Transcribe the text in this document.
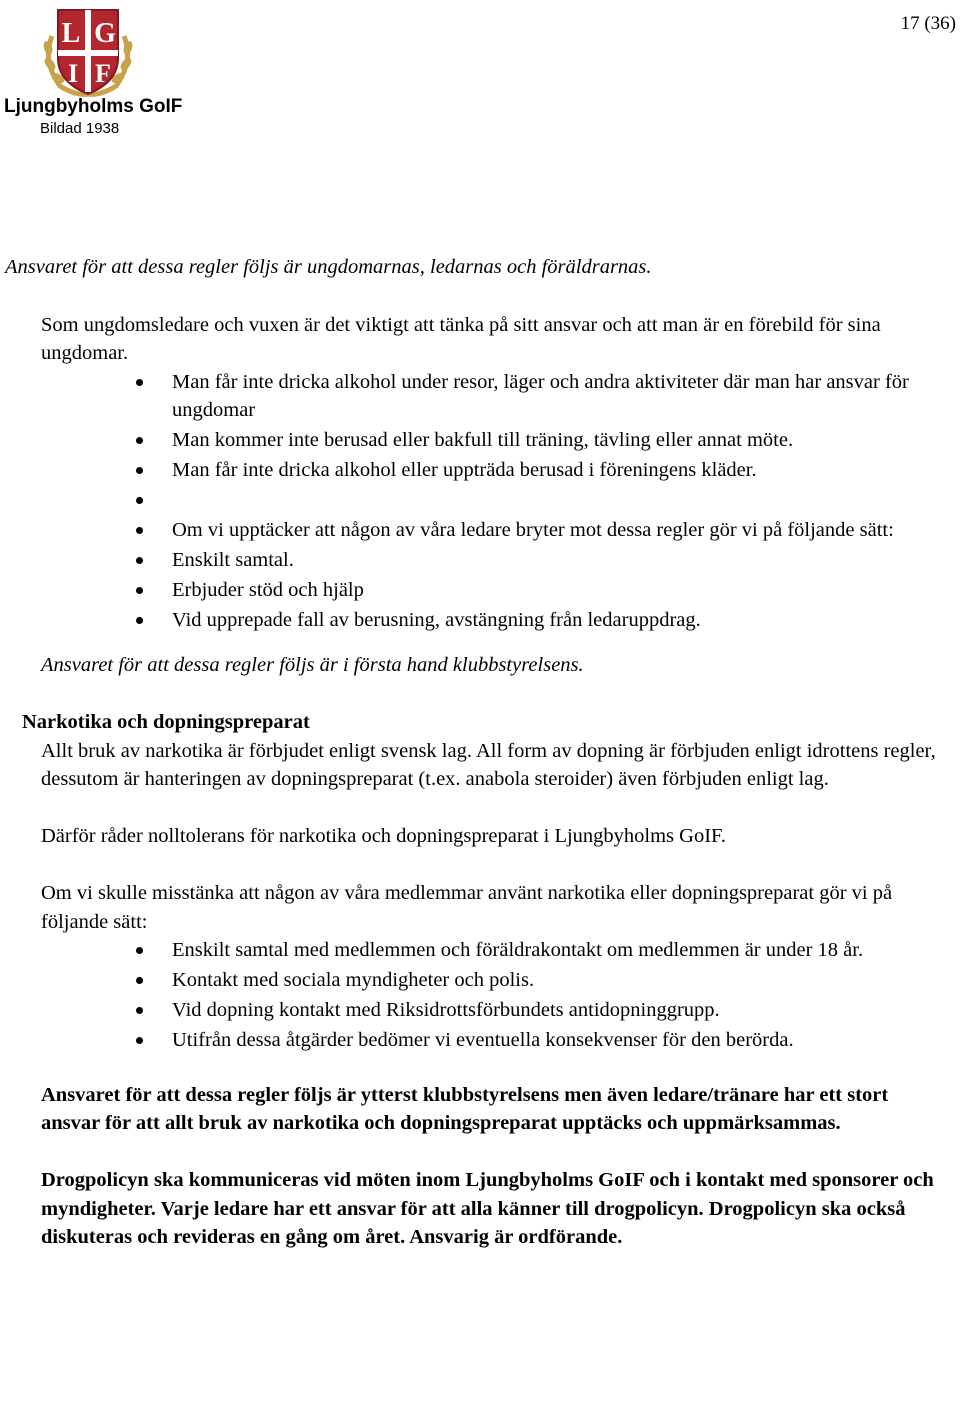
17 (36)
L G
I F
Ljungbyholms GoIF
Bildad 1938

Ansvaret för att dessa regler följs är ungdomarnas, ledarnas och föräldrarnas.

Som ungdomsledare och vuxen är det viktigt att tänka på sitt ansvar och att man är en förebild för sina ungdomar.

Man får inte dricka alkohol under resor, läger och andra aktiviteter där man har ansvar för ungdomar
Man kommer inte berusad eller bakfull till träning, tävling eller annat möte.
Man får inte dricka alkohol eller uppträda berusad i föreningens kläder.
Om vi upptäcker att någon av våra ledare bryter mot dessa regler gör vi på följande sätt:
Enskilt samtal.
Erbjuder stöd och hjälp
Vid upprepade fall av berusning, avstängning från ledaruppdrag.

Ansvaret för att dessa regler följs är i första hand klubbstyrelsens.

Narkotika och dopningspreparat

Allt bruk av narkotika är förbjudet enligt svensk lag. All form av dopning är förbjuden enligt idrottens regler, dessutom är hanteringen av dopningspreparat (t.ex. anabola steroider) även förbjuden enligt lag.

Därför råder nolltolerans för narkotika och dopningspreparat i Ljungbyholms GoIF.

Om vi skulle misstänka att någon av våra medlemmar använt narkotika eller dopningspreparat gör vi på följande sätt:

Enskilt samtal med medlemmen och föräldrakontakt om medlemmen är under 18 år.
Kontakt med sociala myndigheter och polis.
Vid dopning kontakt med Riksidrottsförbundets antidopninggrupp.
Utifrån dessa åtgärder bedömer vi eventuella konsekvenser för den berörda.

Ansvaret för att dessa regler följs är ytterst klubbstyrelsens men även ledare/tränare har ett stort ansvar för att allt bruk av narkotika och dopningspreparat upptäcks och uppmärksammas.

Drogpolicyn ska kommuniceras vid möten inom Ljungbyholms GoIF och i kontakt med sponsorer och myndigheter. Varje ledare har ett ansvar för att alla känner till drogpolicyn. Drogpolicyn ska också diskuteras och revideras en gång om året. Ansvarig är ordförande.
